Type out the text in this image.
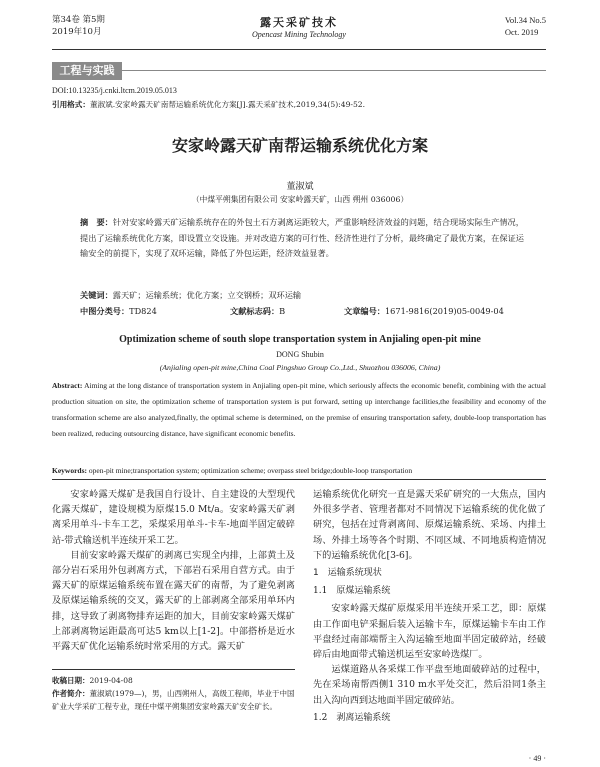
第34卷 第5期
2019年10月
露天采矿技术
Opencast Mining Technology
Vol.34 No.5
Oct. 2019
工程与实践
DOI:10.13235/j.cnki.ltcm.2019.05.013
引用格式：董淑斌.安家岭露天矿南帮运输系统优化方案[J].露天采矿技术,2019,34(5):49-52.
安家岭露天矿南帮运输系统优化方案
董淑斌
（中煤平朔集团有限公司 安家岭露天矿，山西 朔州 036006）
摘　要：针对安家岭露天矿运输系统存在的外包土石方剥离运距较大，严重影响经济效益的问题，结合现场实际生产情况，提出了运输系统优化方案，即设置立交设施。并对改造方案的可行性、经济性进行了分析，最终确定了最优方案，在保证运输安全的前提下，实现了双环运输，降低了外包运距，经济效益显著。
关键词：露天矿；运输系统；优化方案；立交钢桥；双环运输
中图分类号： TD824	文献标志码： B	文章编号： 1671-9816(2019)05-0049-04
Optimization scheme of south slope transportation system in Anjialing open-pit mine
DONG Shubin
(Anjialing open-pit mine,China Coal Pingshuo Group Co.,Ltd., Shuozhou 036006, China)
Abstract: Aiming at the long distance of transportation system in Anjialing open-pit mine, which seriously affects the economic benefit, combining with the actual production situation on site, the optimization scheme of transportation system is put forward, setting up interchange facilities,the feasibility and economy of the transformation scheme are also analyzed,finally, the optimal scheme is determined, on the premise of ensuring transportation safety, double-loop transportation has been realized, reducing outsourcing distance, have significant economic benefits.
Keywords: open-pit mine;transportation system; optimization scheme; overpass steel bridge;double-loop transportation

安家岭露天煤矿是我国自行设计、自主建设的大型现代化露天煤矿，建设规模为原煤15.0 Mt/a。安家岭露天矿剥离采用单斗-卡车工艺，采煤采用单斗-卡车-地面半固定破碎站-带式输送机半连续开采工艺。

目前安家岭露天煤矿的剥离已实现全内排，上部黄土及部分岩石采用外包剥离方式，下部岩石采用自营方式。由于露天矿的原煤运输系统布置在露天矿的南帮，为了避免剥离及原煤运输系统的交叉，露天矿的上部剥离全部采用单环内排，这导致了剥离物排弃运距的加大，目前安家岭露天煤矿上部剥离物运距最高可达5 km以上[1-2]。中部搭桥是近水平露天矿优化运输系统时常采用的方式。露天矿

运输系统优化研究一直是露天采矿研究的一大焦点，国内外很多学者、管理者都对不同情况下运输系统的优化做了研究，包括在过背剥离间、原煤运输系统、采场、内排土场、外排土场等各个时期、不同区域、不同地质构造情况下的运输系统优化[3-6]。

1　运输系统现状
1.1　原煤运输系统

安家岭露天煤矿原煤采用半连续开采工艺，即：原煤由工作面电铲采掘后装入运输卡车，原煤运输卡车由工作平盘经过南部端帮主入沟运输至地面半固定破碎站，经破碎后由地面带式输送机运至安家岭选煤厂。

运煤道路从各采煤工作平盘至地面破碎站的过程中，先在采场南帮西侧1 310 m水平处交汇，然后沿同1条主出入沟向西到达地面半固定破碎站。

1.2　剥离运输系统
收稿日期：2019-04-08
作者简介：董淑斌(1979—)，男，山西朔州人，高级工程师，毕业于中国矿业大学采矿工程专业，现任中煤平朔集团安家岭露天矿安全矿长。
· 49 ·
